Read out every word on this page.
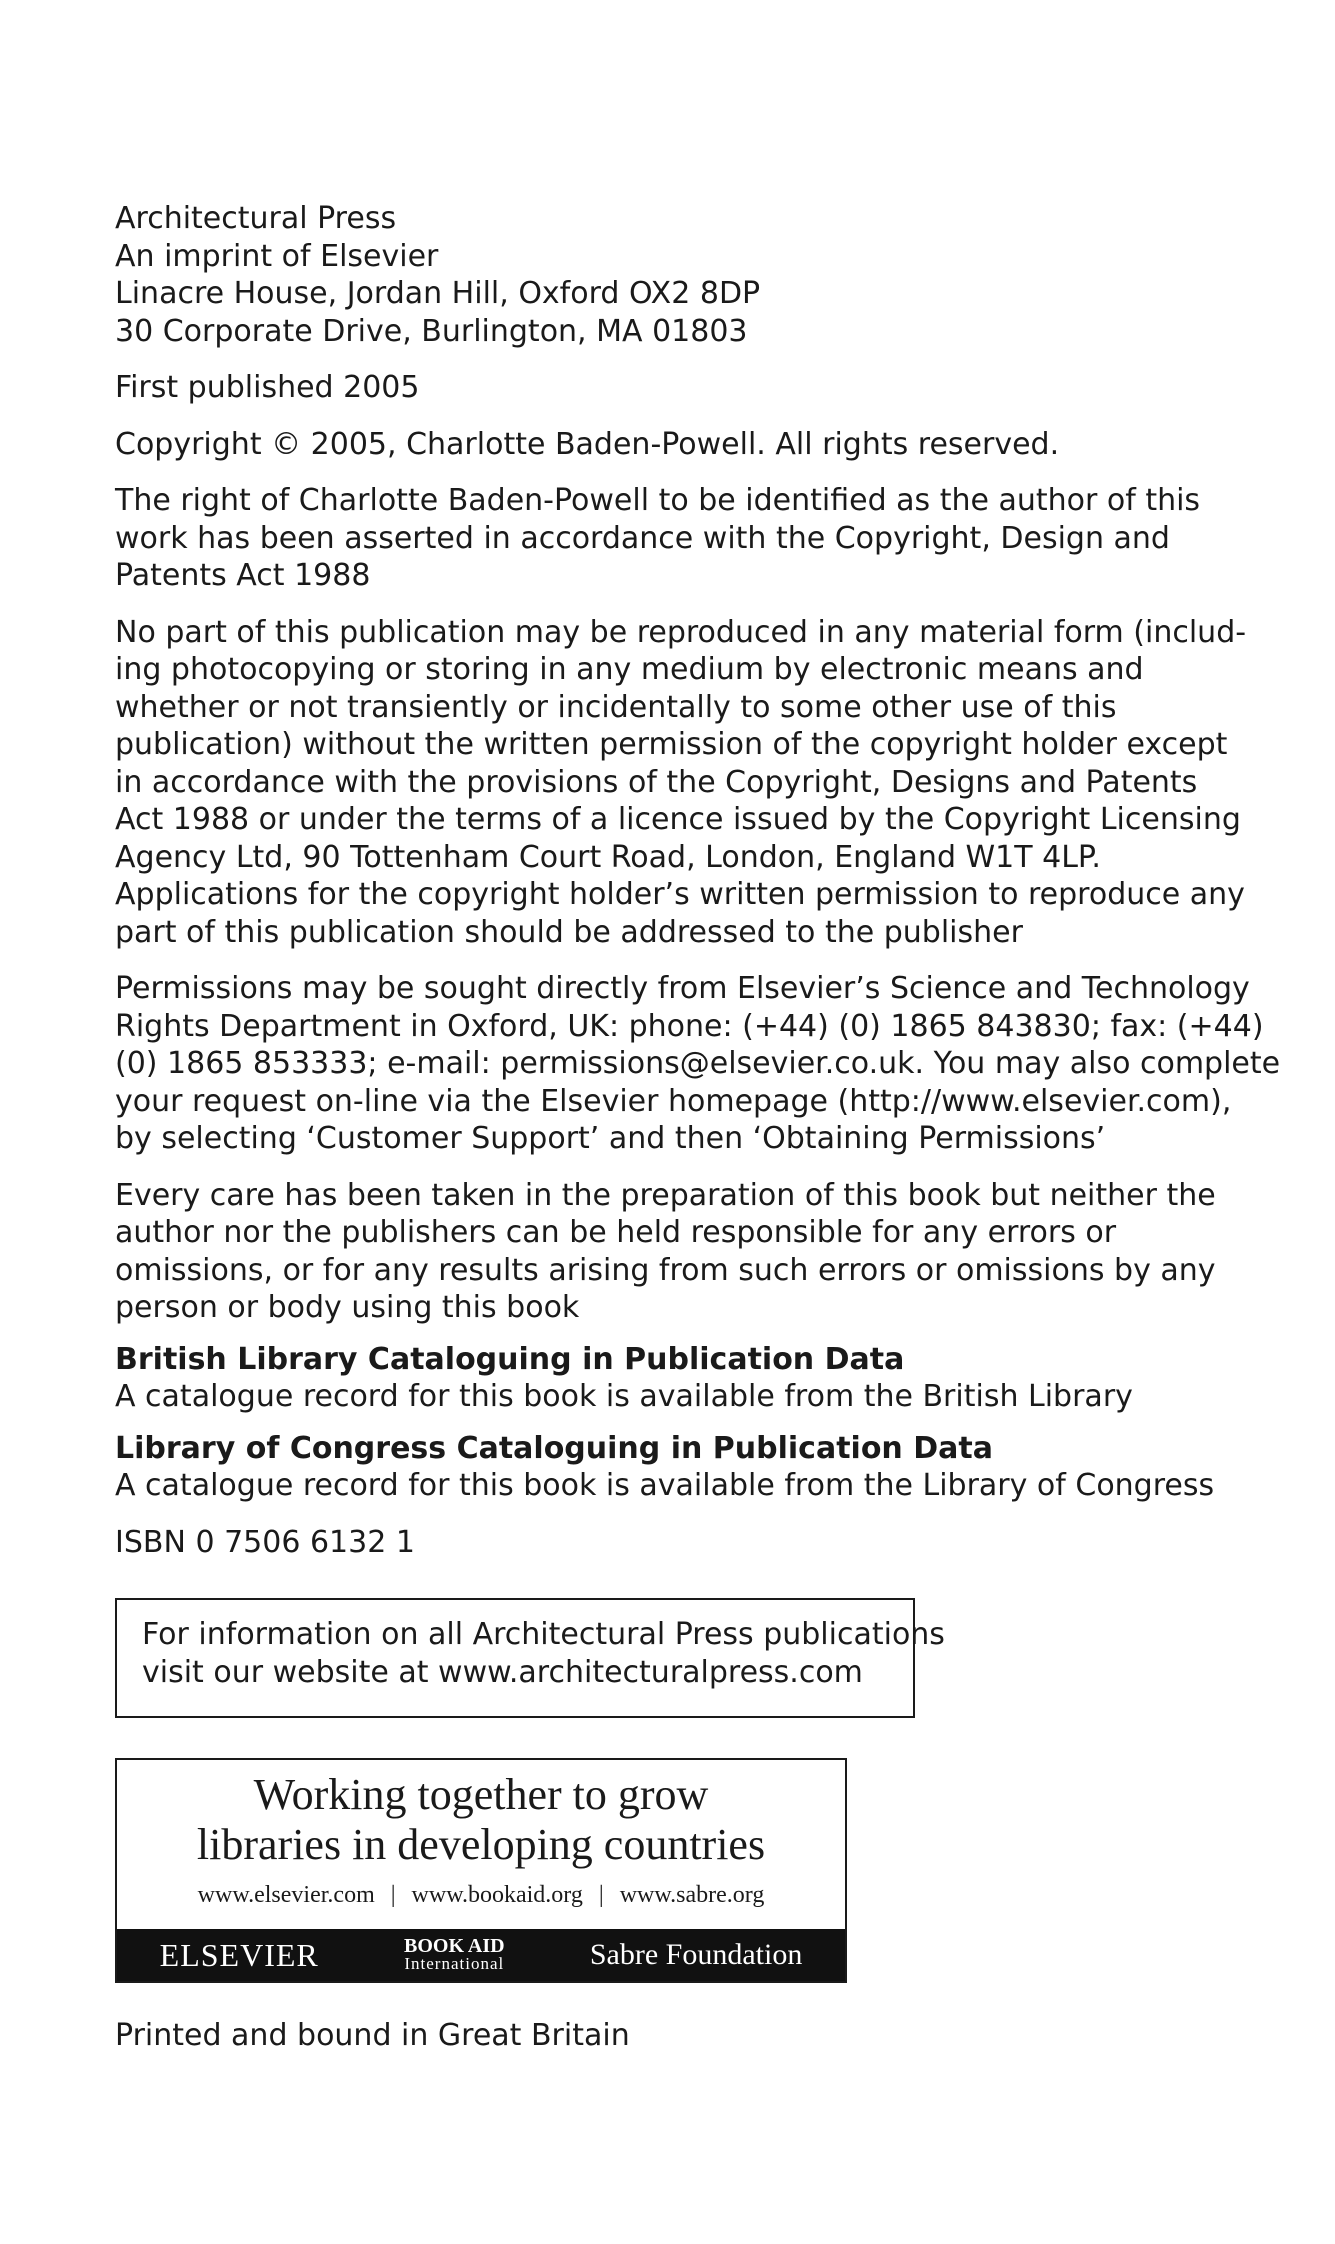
Architectural Press
An imprint of Elsevier
Linacre House, Jordan Hill, Oxford OX2 8DP
30 Corporate Drive, Burlington, MA 01803
First published 2005
Copyright © 2005, Charlotte Baden-Powell. All rights reserved.
The right of Charlotte Baden-Powell to be identified as the author of this
work has been asserted in accordance with the Copyright, Design and
Patents Act 1988
No part of this publication may be reproduced in any material form (includ-
ing photocopying or storing in any medium by electronic means and
whether or not transiently or incidentally to some other use of this
publication) without the written permission of the copyright holder except
in accordance with the provisions of the Copyright, Designs and Patents
Act 1988 or under the terms of a licence issued by the Copyright Licensing
Agency Ltd, 90 Tottenham Court Road, London, England W1T 4LP.
Applications for the copyright holder’s written permission to reproduce any
part of this publication should be addressed to the publisher
Permissions may be sought directly from Elsevier’s Science and Technology
Rights Department in Oxford, UK: phone: (+44) (0) 1865 843830; fax: (+44)
(0) 1865 853333; e-mail: permissions@elsevier.co.uk. You may also complete
your request on-line via the Elsevier homepage (http://www.elsevier.com),
by selecting ‘Customer Support’ and then ‘Obtaining Permissions’
Every care has been taken in the preparation of this book but neither the
author nor the publishers can be held responsible for any errors or
omissions, or for any results arising from such errors or omissions by any
person or body using this book
British Library Cataloguing in Publication Data
A catalogue record for this book is available from the British Library
Library of Congress Cataloguing in Publication Data
A catalogue record for this book is available from the Library of Congress
ISBN 0 7506 6132 1
For information on all Architectural Press publications
visit our website at www.architecturalpress.com
Working together to grow
libraries in developing countries
www.elsevier.com | www.bookaid.org | www.sabre.org
ELSEVIER	BOOK AID
International	Sabre Foundation
Printed and bound in Great Britain
